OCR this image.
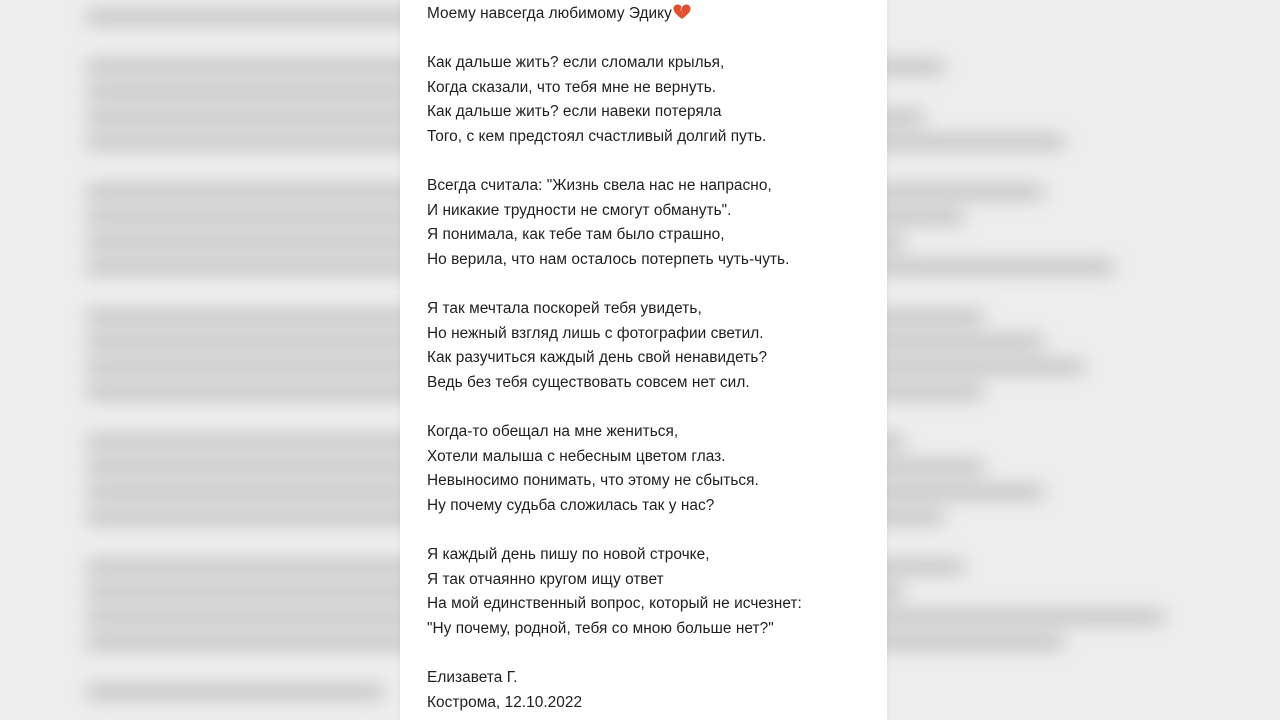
Моему навсегда любимому Эдику
Как дальше жить? если сломали крылья,
Когда сказали, что тебя мне не вернуть.
Как дальше жить? если навеки потеряла
Того, с кем предстоял счастливый долгий путь.
Всегда считала: "Жизнь свела нас не напрасно,
И никакие трудности не смогут обмануть".
Я понимала, как тебе там было страшно,
Но верила, что нам осталось потерпеть чуть-чуть.
Я так мечтала поскорей тебя увидеть,
Но нежный взгляд лишь с фотографии светил.
Как разучиться каждый день свой ненавидеть?
Ведь без тебя существовать совсем нет сил.
Когда-то обещал на мне жениться,
Хотели малыша с небесным цветом глаз.
Невыносимо понимать, что этому не сбыться.
Ну почему судьба сложилась так у нас?
Я каждый день пишу по новой строчке,
Я так отчаянно кругом ищу ответ
На мой единственный вопрос, который не исчезнет:
"Ну почему, родной, тебя со мною больше нет?"
Елизавета Г.
Кострома, 12.10.2022
